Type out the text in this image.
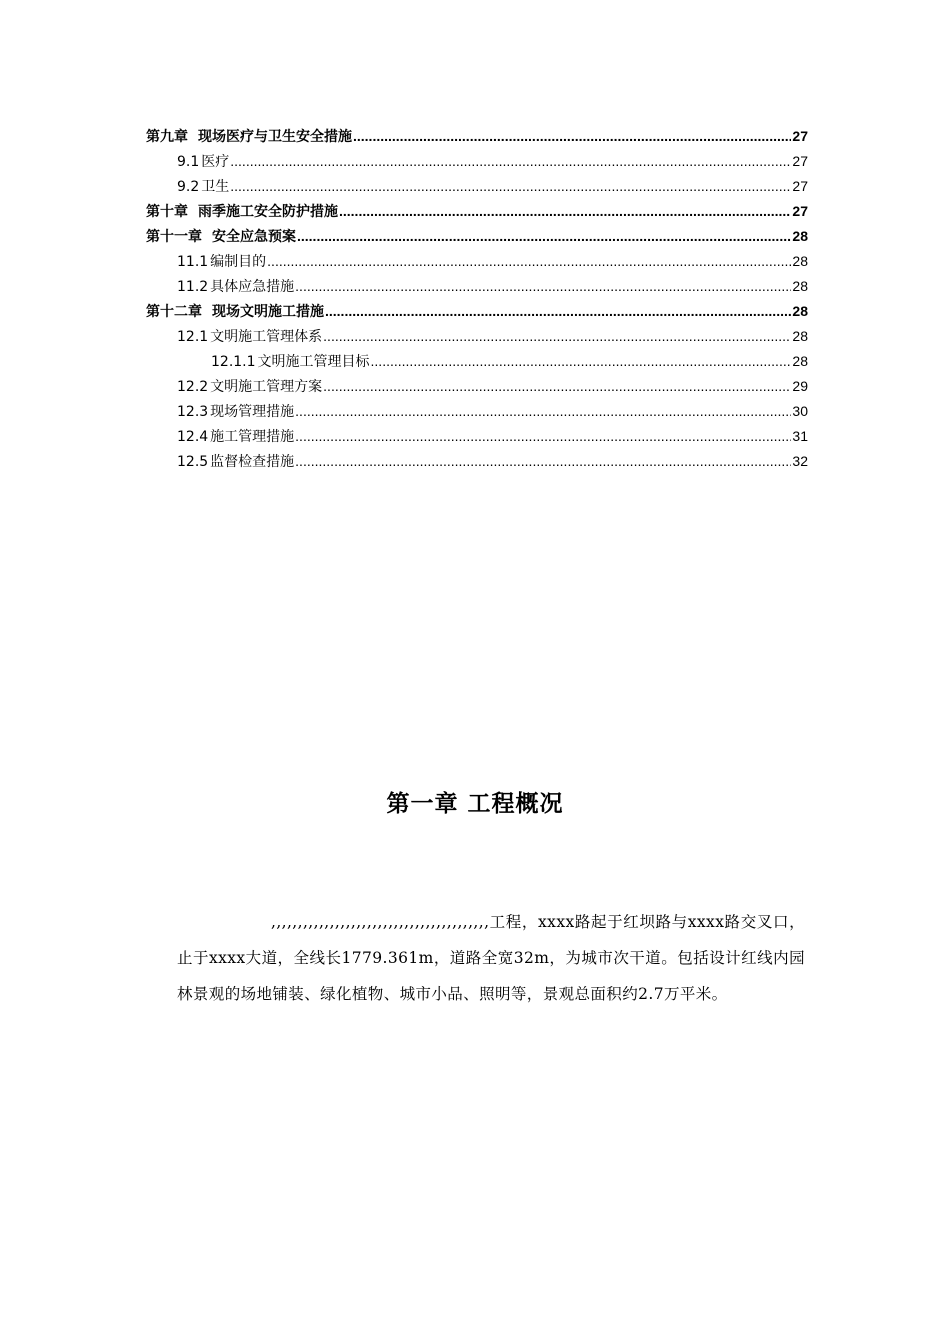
第九章 现场医疗与卫生安全措施 .....	27
9.1 医疗 .....	27
9.2 卫生 .....	27
第十章 雨季施工安全防护措施 .....	27
第十一章 安全应急预案 .....	28
11.1 编制目的 .....	28
11.2 具体应急措施 .....	28
第十二章 现场文明施工措施 .....	28
12.1 文明施工管理体系 .....	28
12.1.1 文明施工管理目标 .....	28
12.2 文明施工管理方案 .....	29
12.3 现场管理措施 .....	30
12.4 施工管理措施 .....	31
12.5 监督检查措施 .....	32
第一章 工程概况

,,,,,,,,,,,,,,,,,,,,,,,,,,,,,,,,,,,,,,,,,工程，xxxx路起于红坝路与xxxx路交叉口，止于xxxx大道，全线长1779.361m，道路全宽32m，为城市次干道。包括设计红线内园林景观的场地铺装、绿化植物、城市小品、照明等，景观总面积约2.7万平米。
